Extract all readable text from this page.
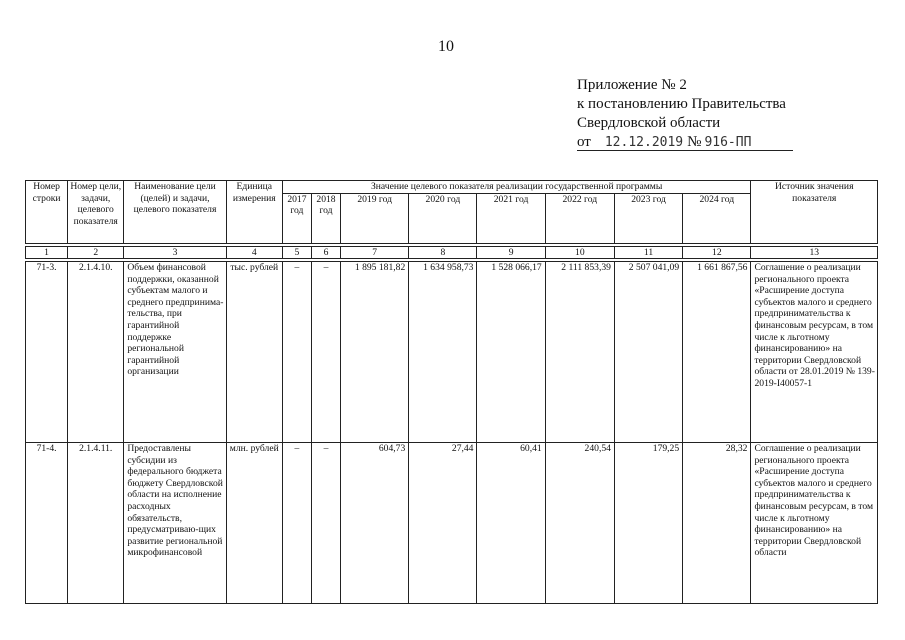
10
Приложение № 2
к постановлению Правительства
Свердловской области
от 12.12.2019 № 916-ПП
Номер строки	Номер цели, задачи, целевого показателя	Наименование цели (целей) и задачи, целевого показателя	Единица измерения	Значение целевого показателя реализации государственной программы								Источник значения показателя
				2017 год	2018 год	2019 год	2020 год	2021 год	2022 год	2023 год	2024 год	

1	2	3	4	5	6	7	8	9	10	11	12	13

71-3.	2.1.4.10.	Объем финансовой поддержки, оказанной субъектам малого и среднего предпринима-тельства, при гарантийной поддержке региональной гарантийной организации	тыс. рублей	–	–	1 895 181,82	1 634 958,73	1 528 066,17	2 111 853,39	2 507 041,09	1 661 867,56	Соглашение о реализации регионального проекта «Расширение доступа субъектов малого и среднего предпринимательства к финансовым ресурсам, в том числе к льготному финансированию» на территории Свердловской области от 28.01.2019 № 139-2019-I40057-1
71-4.	2.1.4.11.	Предоставлены субсидии из федерального бюджета бюджету Свердловской области на исполнение расходных обязательств, предусматриваю-щих развитие региональной микрофинансовой	млн. рублей	–	–	604,73	27,44	60,41	240,54	179,25	28,32	Соглашение о реализации регионального проекта «Расширение доступа субъектов малого и среднего предпринимательства к финансовым ресурсам, в том числе к льготному финансированию» на территории Свердловской области
